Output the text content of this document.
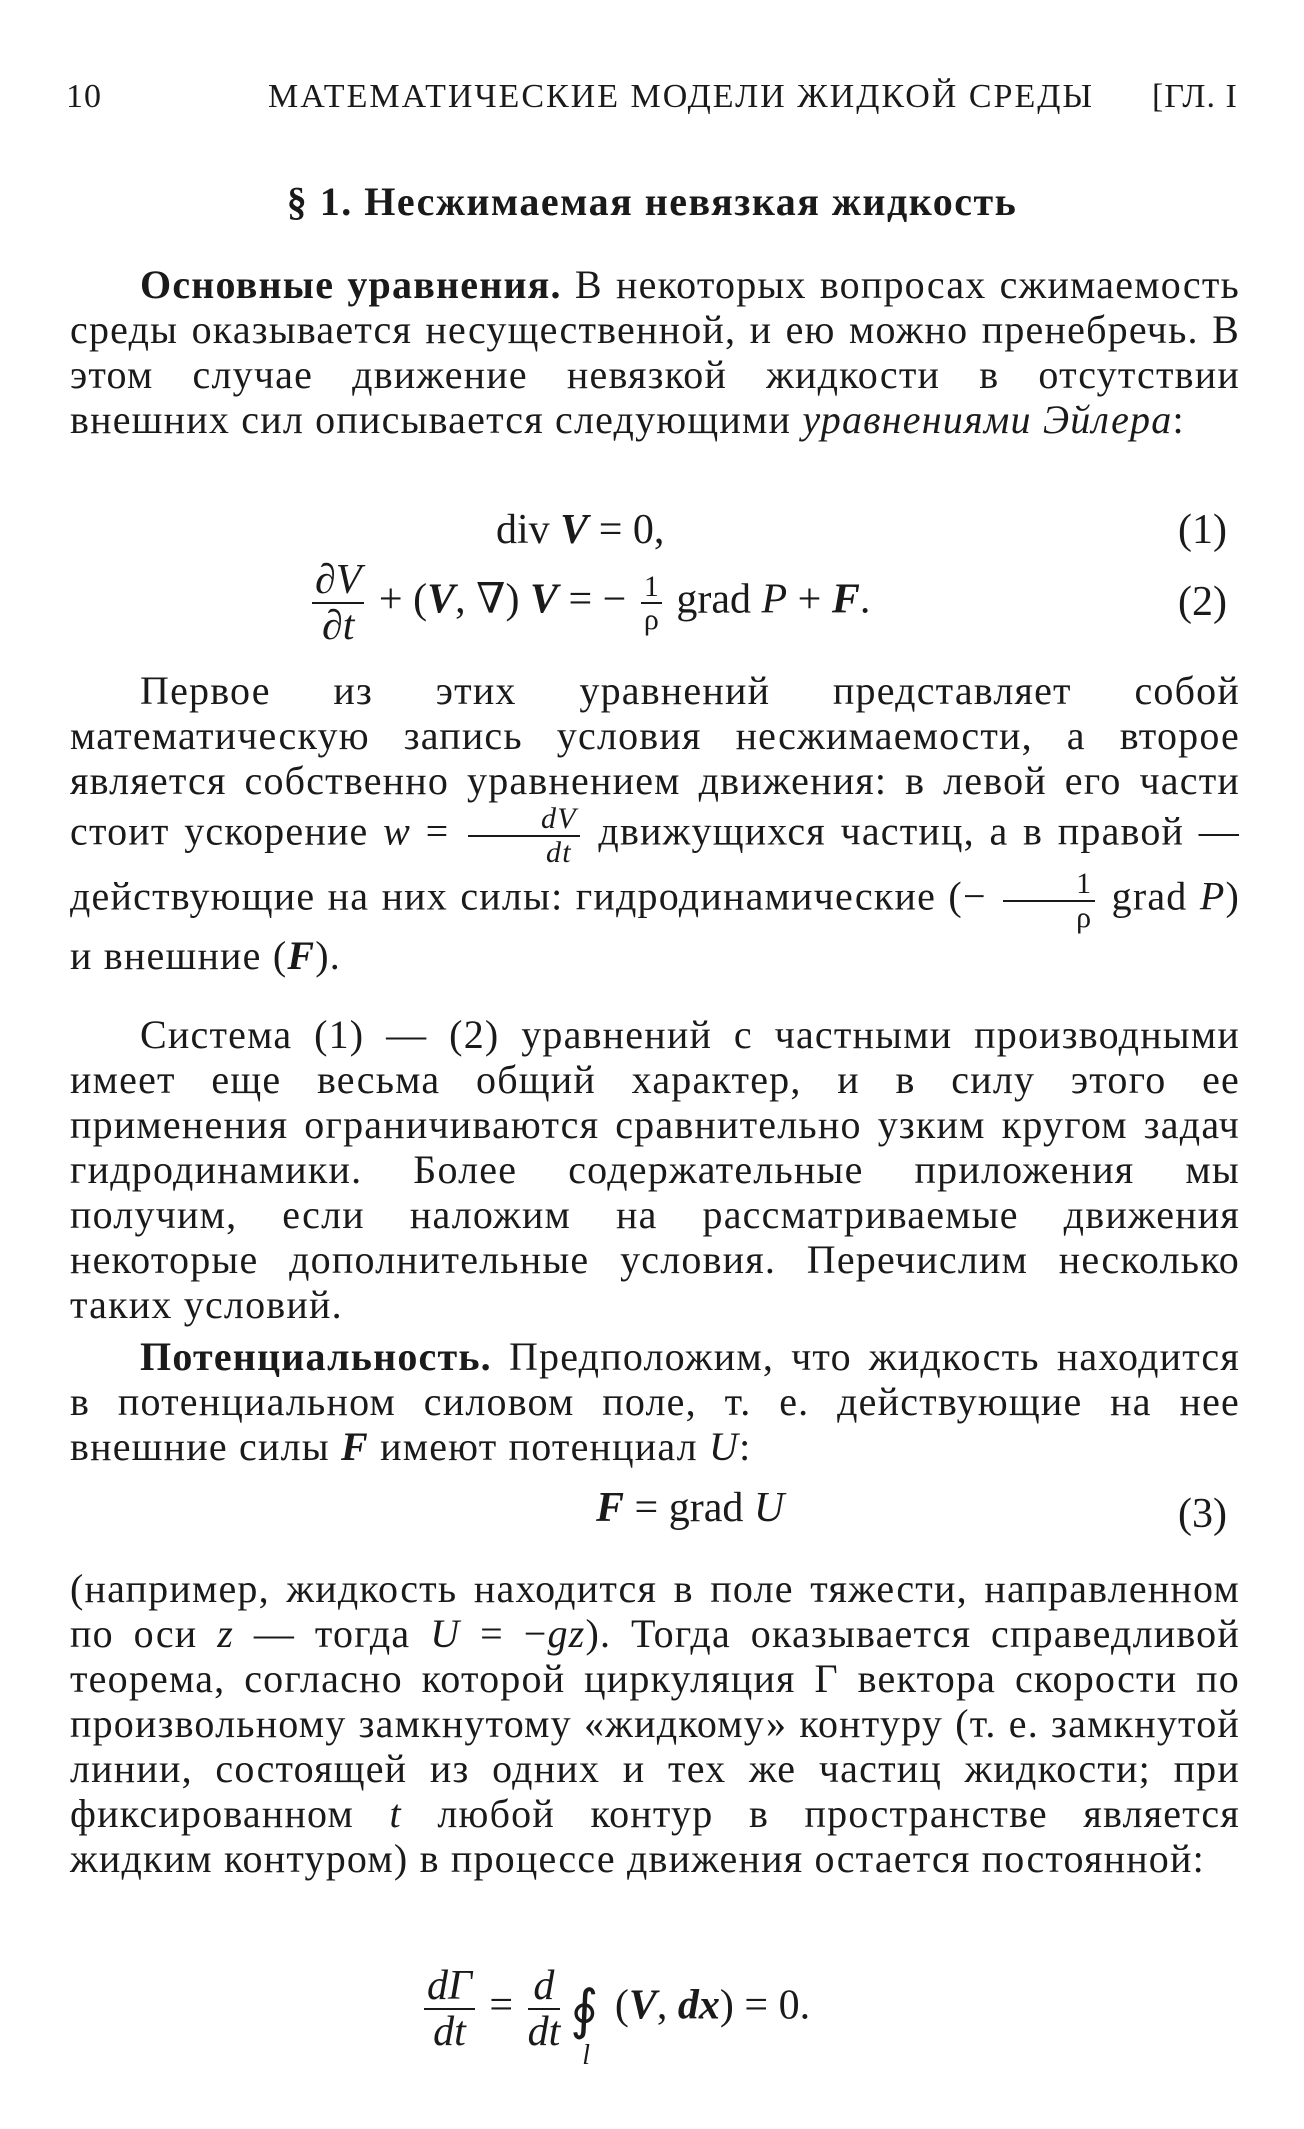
10	МАТЕМАТИЧЕСКИЕ МОДЕЛИ ЖИДКОЙ СРЕДЫ [ГЛ. I
§ 1. Несжимаемая невязкая жидкость
Основные уравнения. В некоторых вопросах сжимаемость среды оказывается несущественной, и ею можно пренебречь. В этом случае движение невязкой жидкости в отсутствии внешних сил описывается следующими уравнениями Эйлера:
div V = 0,	(1)
$\frac{\partial V}{\partial t} + (V$, ∇) V = − $\frac{1}{\rho}$ grad P + F.	(2)
Первое из этих уравнений представляет собой математическую запись условия несжимаемости, а второе является собственно уравнением движения: в левой его части стоит ускорение $w = \frac{dV}{dt}$ движущихся частиц, а в правой — действующие на них силы: гидродинамические (− $\frac{1}{\rho}$ grad P) и внешние (F).
Система (1) — (2) уравнений с частными производными имеет еще весьма общий характер, и в силу этого ее применения ограничиваются сравнительно узким кругом задач гидродинамики. Более содержательные приложения мы получим, если наложим на рассматриваемые движения некоторые дополнительные условия. Перечислим несколько таких условий.
Потенциальность. Предположим, что жидкость находится в потенциальном силовом поле, т. е. действующие на нее внешние силы F имеют потенциал U:
F = grad U	(3)
(например, жидкость находится в поле тяжести, направленном по оси z — тогда U = −gz). Тогда оказывается справедливой теорема, согласно которой циркуляция Г вектора скорости по произвольному замкнутому «жидкому» контуру (т. е. замкнутой линии, состоящей из одних и тех же частиц жидкости; при фиксированном t любой контур в пространстве является жидким контуром) в процессе движения остается постоянной:
$\frac{dГ}{dt} = \frac{d}{dt}$ ∮
l
(V, dx) = 0.
